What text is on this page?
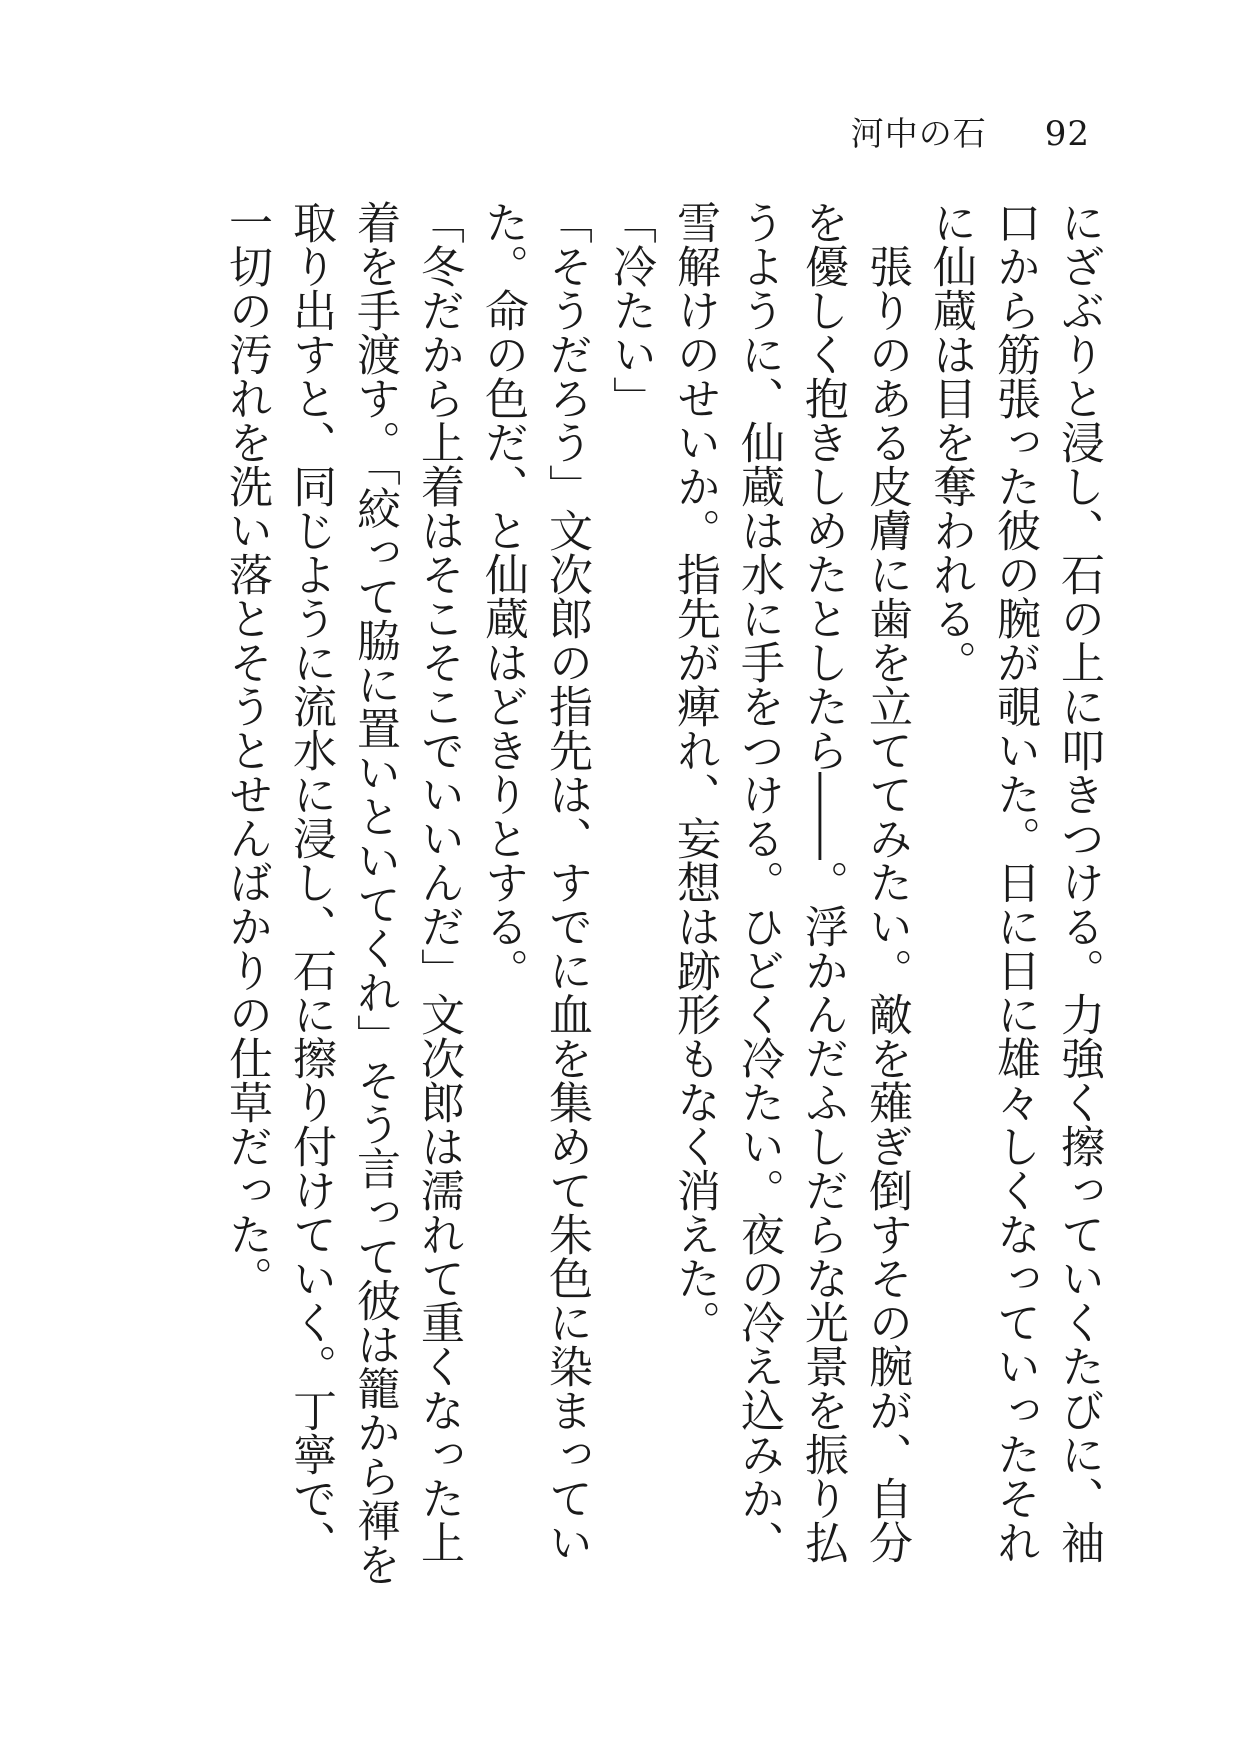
河中の石 92

にざぶりと浸し、石の上に叩きつける。力強く擦っていくたびに、袖口から筋張った彼の腕が覗いた。日に日に雄々しくなっていったそれに仙蔵は目を奪われる。

張りのある皮膚に歯を立ててみたい。敵を薙ぎ倒すその腕が、自分を優しく抱きしめたとしたら――。浮かんだふしだらな光景を振り払うように、仙蔵は水に手をつける。ひどく冷たい。夜の冷え込みか、雪解けのせいか。指先が痺れ、妄想は跡形もなく消えた。

「冷たい」

「そうだろう」文次郎の指先は、すでに血を集めて朱色に染まっていた。命の色だ、と仙蔵はどきりとする。

「冬だから上着はそこそこでいいんだ」文次郎は濡れて重くなった上着を手渡す。「絞って脇に置いといてくれ」そう言って彼は籠から褌を取り出すと、同じように流水に浸し、石に擦り付けていく。丁寧で、一切の汚れを洗い落とそうとせんばかりの仕草だった。
